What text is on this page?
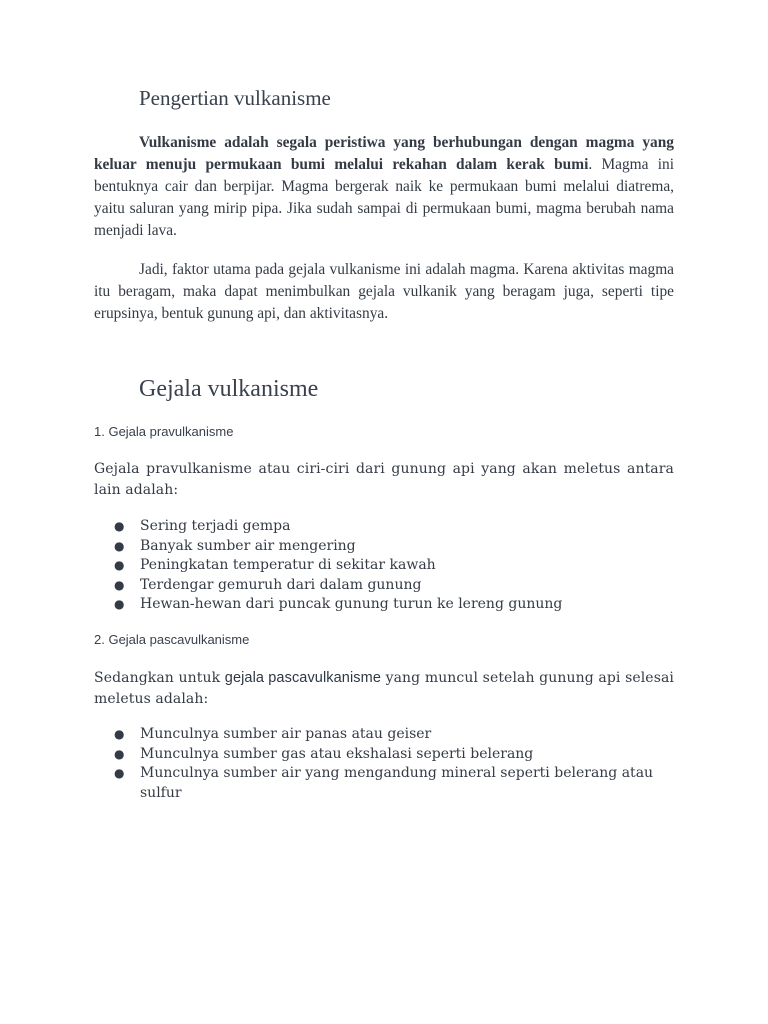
Pengertian vulkanisme

Vulkanisme adalah segala peristiwa yang berhubungan dengan magma yang keluar menuju permukaan bumi melalui rekahan dalam kerak bumi. Magma ini bentuknya cair dan berpijar. Magma bergerak naik ke permukaan bumi melalui diatrema, yaitu saluran yang mirip pipa. Jika sudah sampai di permukaan bumi, magma berubah nama menjadi lava.

Jadi, faktor utama pada gejala vulkanisme ini adalah magma. Karena aktivitas magma itu beragam, maka dapat menimbulkan gejala vulkanik yang beragam juga, seperti tipe erupsinya, bentuk gunung api, dan aktivitasnya.

Gejala vulkanisme

1. Gejala pravulkanisme

Gejala pravulkanisme atau ciri-ciri dari gunung api yang akan meletus antara lain adalah:

● Sering terjadi gempa
● Banyak sumber air mengering
● Peningkatan temperatur di sekitar kawah
● Terdengar gemuruh dari dalam gunung
● Hewan-hewan dari puncak gunung turun ke lereng gunung

2. Gejala pascavulkanisme

Sedangkan untuk gejala pascavulkanisme yang muncul setelah gunung api selesai meletus adalah:

● Munculnya sumber air panas atau geiser
● Munculnya sumber gas atau ekshalasi seperti belerang
● Munculnya sumber air yang mengandung mineral seperti belerang atau sulfur
